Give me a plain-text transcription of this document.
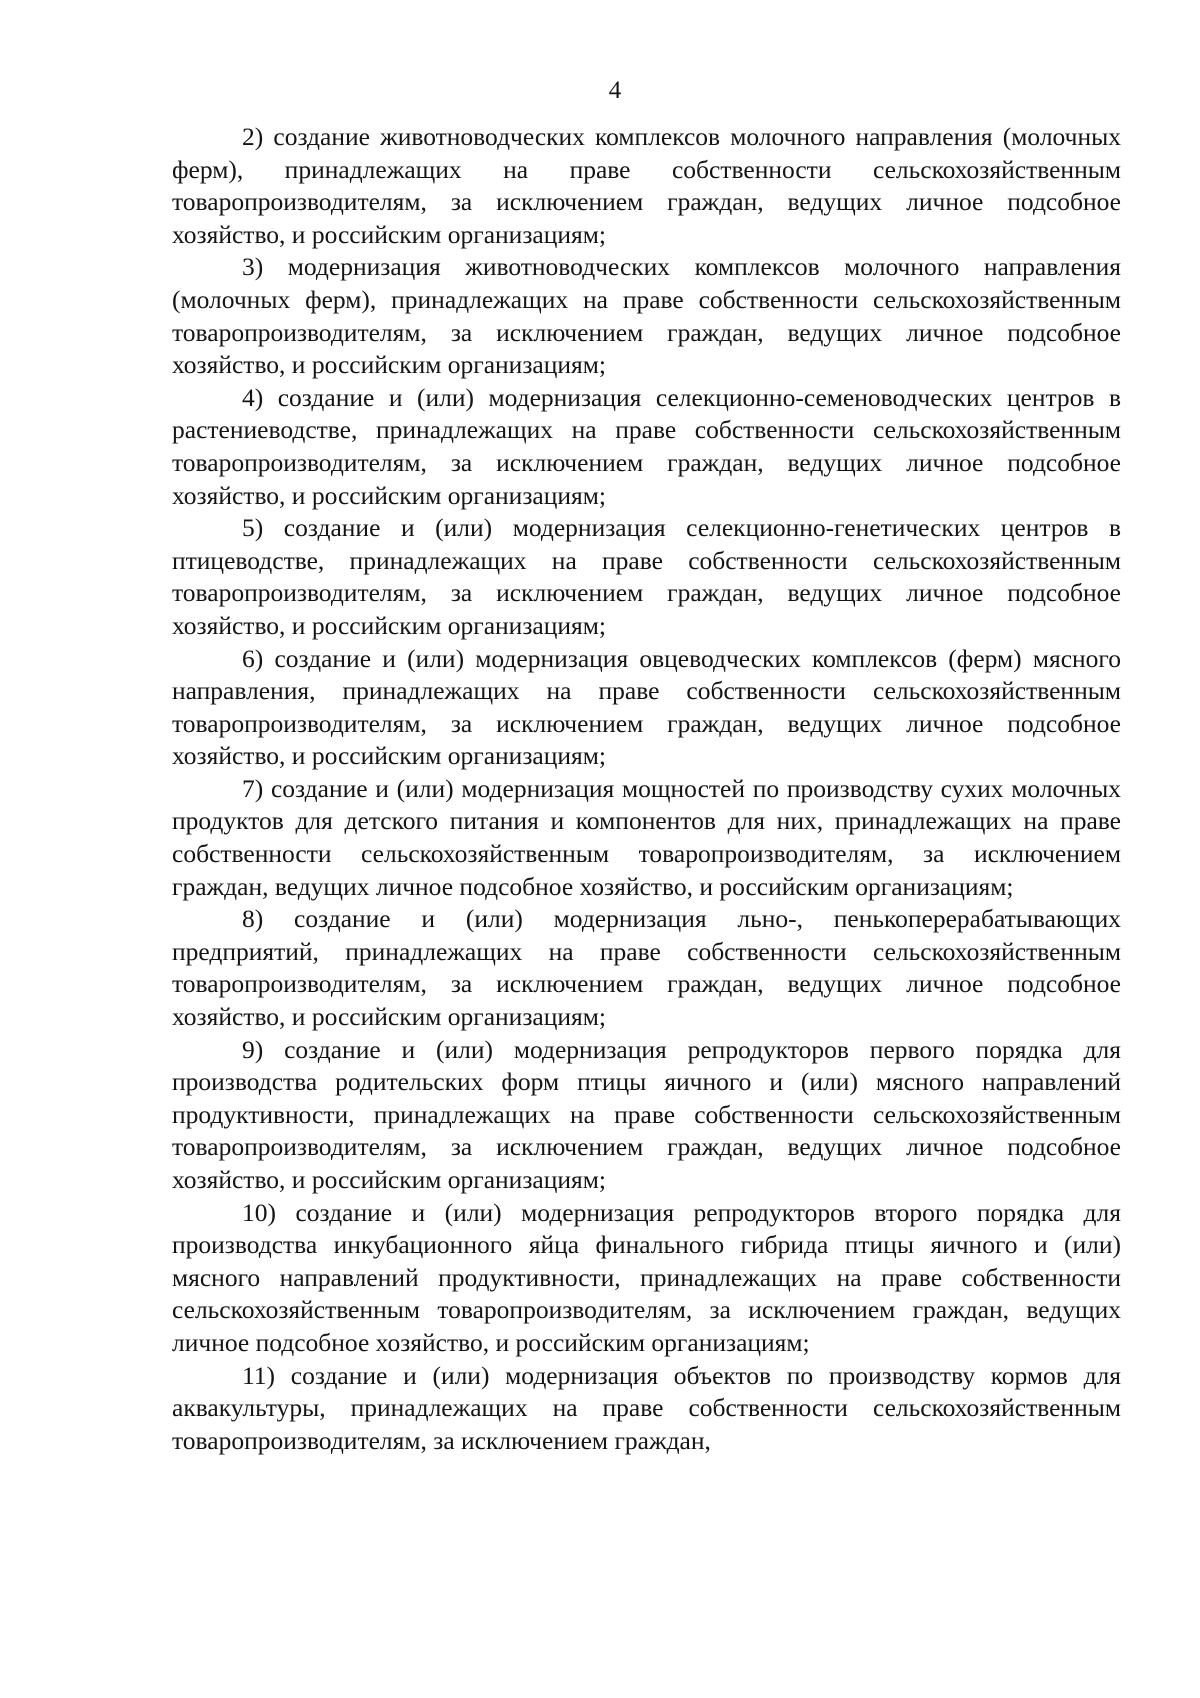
4

2) создание животноводческих комплексов молочного направления (молочных ферм), принадлежащих на праве собственности сельскохозяйственным товаропроизводителям, за исключением граждан, ведущих личное подсобное хозяйство, и российским организациям;

3) модернизация животноводческих комплексов молочного направления (молочных ферм), принадлежащих на праве собственности сельскохозяйственным товаропроизводителям, за исключением граждан, ведущих личное подсобное хозяйство, и российским организациям;

4) создание и (или) модернизация селекционно-семеноводческих центров в растениеводстве, принадлежащих на праве собственности сельскохозяйственным товаропроизводителям, за исключением граждан, ведущих личное подсобное хозяйство, и российским организациям;

5) создание и (или) модернизация селекционно-генетических центров в птицеводстве, принадлежащих на праве собственности сельскохозяйственным товаропроизводителям, за исключением граждан, ведущих личное подсобное хозяйство, и российским организациям;

6) создание и (или) модернизация овцеводческих комплексов (ферм) мясного направления, принадлежащих на праве собственности сельскохозяйственным товаропроизводителям, за исключением граждан, ведущих личное подсобное хозяйство, и российским организациям;

7) создание и (или) модернизация мощностей по производству сухих молочных продуктов для детского питания и компонентов для них, принадлежащих на праве собственности сельскохозяйственным товаропроизводителям, за исключением граждан, ведущих личное подсобное хозяйство, и российским организациям;

8) создание и (или) модернизация льно-, пенькоперерабатывающих предприятий, принадлежащих на праве собственности сельскохозяйственным товаропроизводителям, за исключением граждан, ведущих личное подсобное хозяйство, и российским организациям;

9) создание и (или) модернизация репродукторов первого порядка для производства родительских форм птицы яичного и (или) мясного направлений продуктивности, принадлежащих на праве собственности сельскохозяйственным товаропроизводителям, за исключением граждан, ведущих личное подсобное хозяйство, и российским организациям;

10) создание и (или) модернизация репродукторов второго порядка для производства инкубационного яйца финального гибрида птицы яичного и (или) мясного направлений продуктивности, принадлежащих на праве собственности сельскохозяйственным товаропроизводителям, за исключением граждан, ведущих личное подсобное хозяйство, и российским организациям;

11) создание и (или) модернизация объектов по производству кормов для аквакультуры, принадлежащих на праве собственности сельскохозяйственным товаропроизводителям, за исключением граждан,
